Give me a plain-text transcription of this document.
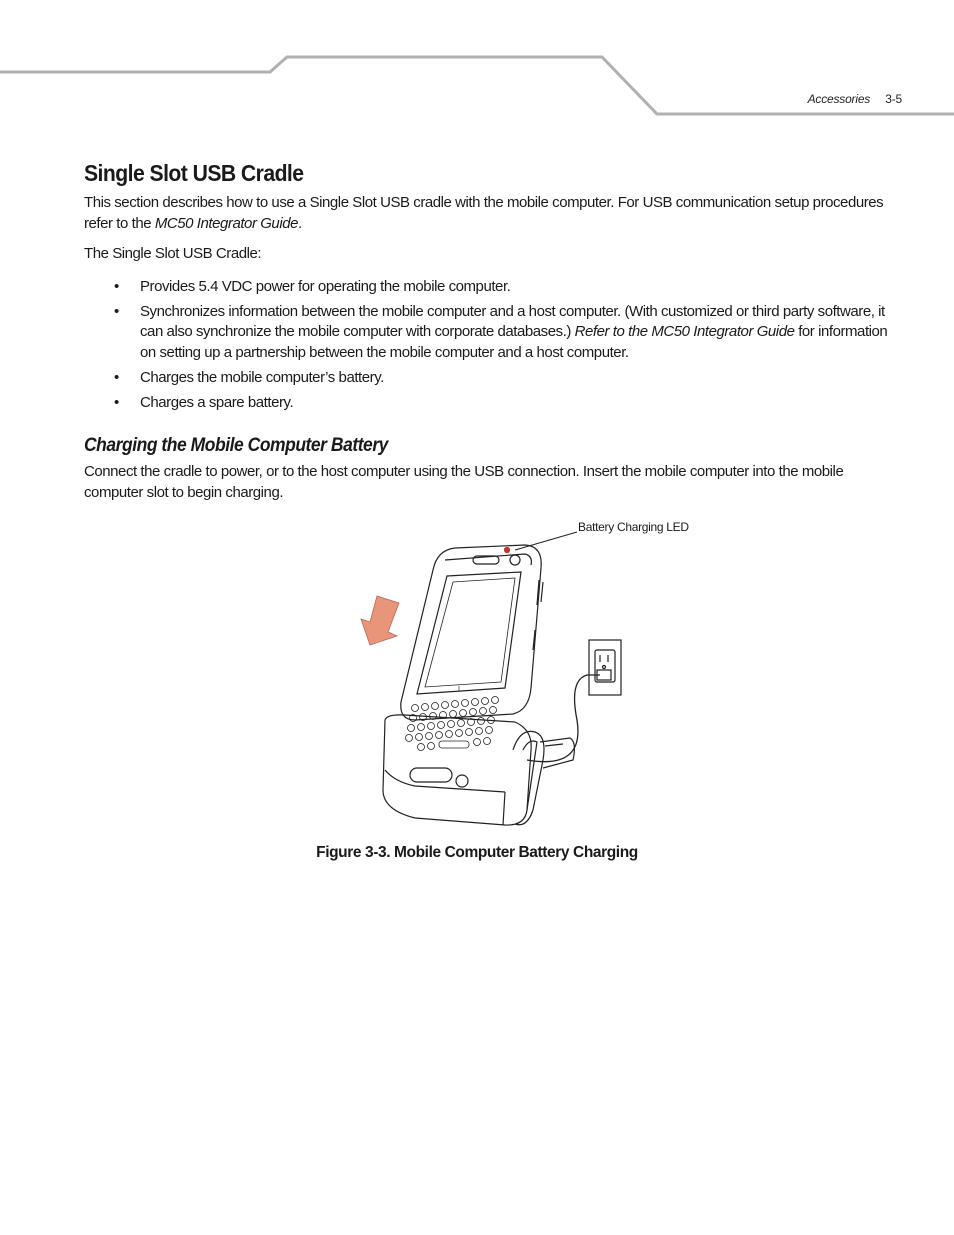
Accessories 3-5
Single Slot USB Cradle

This section describes how to use a Single Slot USB cradle with the mobile computer. For USB communication setup procedures refer to the MC50 Integrator Guide.

The Single Slot USB Cradle:

• Provides 5.4 VDC power for operating the mobile computer.
• Synchronizes information between the mobile computer and a host computer. (With customized or third party software, it can also synchronize the mobile computer with corporate databases.) Refer to the MC50 Integrator Guide for information on setting up a partnership between the mobile computer and a host computer.
• Charges the mobile computer’s battery.
• Charges a spare battery.
Charging the Mobile Computer Battery

Connect the cradle to power, or to the host computer using the USB connection. Insert the mobile computer into the mobile computer slot to begin charging.

Battery Charging LED
Figure 3-3. Mobile Computer Battery Charging
